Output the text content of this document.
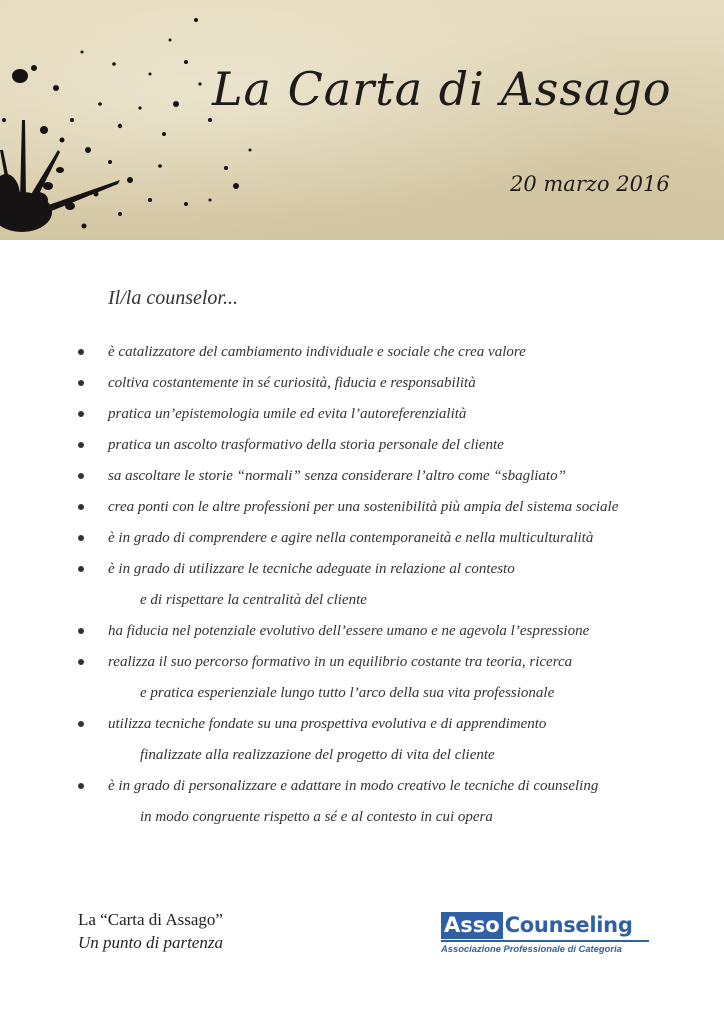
La Carta di Assago
20 marzo 2016
Il/la counselor...
è catalizzatore del cambiamento individuale e sociale che crea valore
coltiva costantemente in sé curiosità, fiducia e responsabilità
pratica un’epistemologia umile ed evita l’autoreferenzialità
pratica un ascolto trasformativo della storia personale del cliente
sa ascoltare le storie “normali” senza considerare l’altro come “sbagliato”
crea ponti con le altre professioni per una sostenibilità più ampia del sistema sociale
è in grado di comprendere e agire nella contemporaneità e nella multiculturalità
è in grado di utilizzare le tecniche adeguate in relazione al contesto
e di rispettare la centralità del cliente
ha fiducia nel potenziale evolutivo dell’essere umano e ne agevola l’espressione
realizza il suo percorso formativo in un equilibrio costante tra teoria, ricerca
e pratica esperienziale lungo tutto l’arco della sua vita professionale
utilizza tecniche fondate su una prospettiva evolutiva e di apprendimento
finalizzate alla realizzazione del progetto di vita del cliente
è in grado di personalizzare e adattare in modo creativo le tecniche di counseling
in modo congruente rispetto a sé e al contesto in cui opera
La “Carta di Assago”
Un punto di partenza
Asso Counseling
Associazione Professionale di Categoria
